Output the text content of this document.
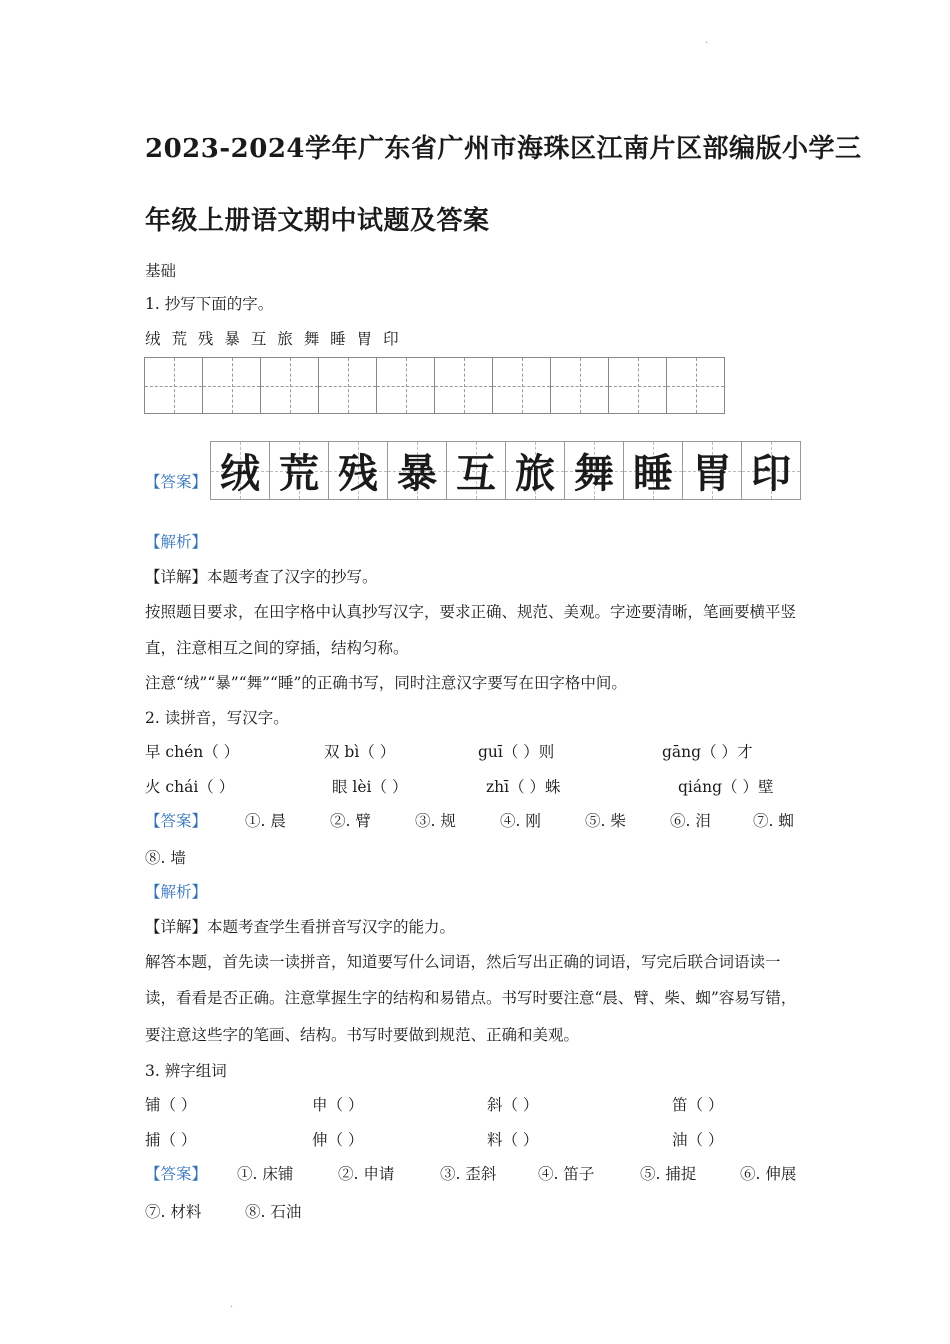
·
2023-2024学年广东省广州市海珠区江南片区部编版小学三
年级上册语文期中试题及答案
基础
1. 抄写下面的字。
绒 荒 残 暴 互 旅 舞 睡 胃 印
【答案】 绒 荒 残 暴 互 旅 舞 睡 胃 印
【解析】
【详解】本题考查了汉字的抄写。
按照题目要求，在田字格中认真抄写汉字，要求正确、规范、美观。字迹要清晰，笔画要横平竖
直，注意相互之间的穿插，结构匀称。
注意“绒”“暴”“舞”“睡”的正确书写，同时注意汉字要写在田字格中间。
2. 读拼音，写汉字。
早 chén（ ）	双 bì（ ）	guī（ ）则	gāng（ ）才
火 chái（ ）	眼 lèi（ ）	zhī（ ）蛛	qiáng（ ）壁
【答案】 ①. 晨	②. 臂	③. 规	④. 刚	⑤. 柴	⑥. 泪	⑦. 蜘
⑧. 墙
【解析】
【详解】本题考查学生看拼音写汉字的能力。
解答本题，首先读一读拼音，知道要写什么词语，然后写出正确的词语，写完后联合词语读一
读，看看是否正确。注意掌握生字的结构和易错点。书写时要注意“晨、臂、柴、蜘”容易写错，
要注意这些字的笔画、结构。书写时要做到规范、正确和美观。
3. 辨字组词
铺（ ）	申（ ）	斜（ ）	笛（ ）
捕（ ）	伸（ ）	料（ ）	油（ ）
【答案】 ①. 床铺	②. 申请	③. 歪斜	④. 笛子	⑤. 捕捉	⑥. 伸展
⑦. 材料	⑧. 石油
·
